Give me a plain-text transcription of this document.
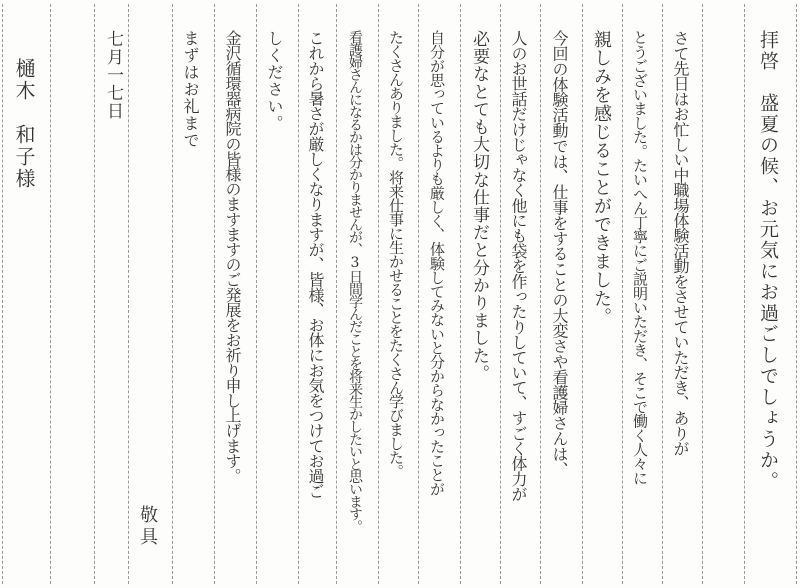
拝啓　盛夏の候、お元気にお過ごしでしょうか。
さて先日はお忙しい中職場体験活動をさせていただき、ありが
とうございました。たいへん丁寧にご説明いただき、そこで働く人々に
親しみを感じることができました。
今回の体験活動では、仕事をすることの大変さや看護婦さんは、
人のお世話だけじゃなく他にも袋を作ったりしていて、すごく体力が
必要なとても大切な仕事だと分かりました。
自分が思っているよりも厳しく、体験してみないと分からなかったことが
たくさんありました。将来仕事に生かせることをたくさん学びました。
看護婦さんになるかは分かりませんが、3日間学んだことを将来生かしたいと思います。
これから暑さが厳しくなりますが、皆様、お体にお気をつけてお過ご
しください。
金沢循環器病院の皆様のますますのご発展をお祈り申し上げます。
まずはお礼まで
敬具
七月一七日
樋木　和子様
